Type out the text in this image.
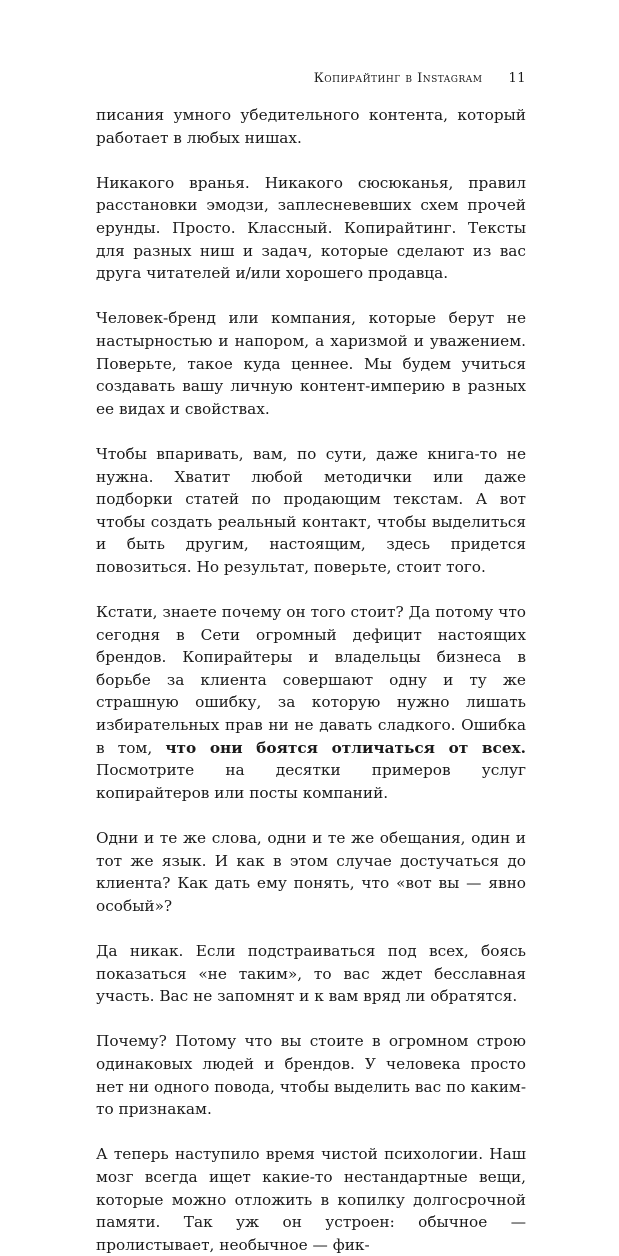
Копирайтинг в Instagram 11

писания умного убедительного контента, который работает в любых нишах.

Никакого вранья. Никакого сюсюканья, правил расстановки эмодзи, заплесневевших схем прочей ерунды. Просто. Классный. Копирайтинг. Тексты для разных ниш и задач, которые сделают из вас друга читателей и/или хорошего продавца.

Человек-бренд или компания, которые берут не настырностью и напором, а харизмой и уважением. Поверьте, такое куда ценнее. Мы будем учиться создавать вашу личную контент-империю в разных ее видах и свойствах.

Чтобы впаривать, вам, по сути, даже книга-то не нужна. Хватит любой методички или даже подборки статей по продающим текстам. А вот чтобы создать реальный контакт, чтобы выделиться и быть другим, настоящим, здесь придется повозиться. Но результат, поверьте, стоит того.

Кстати, знаете почему он того стоит? Да потому что сегодня в Сети огромный дефицит настоящих брендов. Копирайтеры и владельцы бизнеса в борьбе за клиента совершают одну и ту же страшную ошибку, за которую нужно лишать избирательных прав ни не давать сладкого. Ошибка в том, что они боятся отличаться от всех. Посмотрите на десятки примеров услуг копирайтеров или посты компаний.

Одни и те же слова, одни и те же обещания, один и тот же язык. И как в этом случае достучаться до клиента? Как дать ему понять, что «вот вы — явно особый»?

Да никак. Если подстраиваться под всех, боясь показаться «не таким», то вас ждет бесславная участь. Вас не запомнят и к вам вряд ли обратятся.

Почему? Потому что вы стоите в огромном строю одинаковых людей и брендов. У человека просто нет ни одного повода, чтобы выделить вас по каким-то признакам.

А теперь наступило время чистой психологии. Наш мозг всегда ищет какие-то нестандартные вещи, которые можно отложить в копилку долгосрочной памяти. Так уж он устроен: обычное — пролистывает, необычное — фик-
